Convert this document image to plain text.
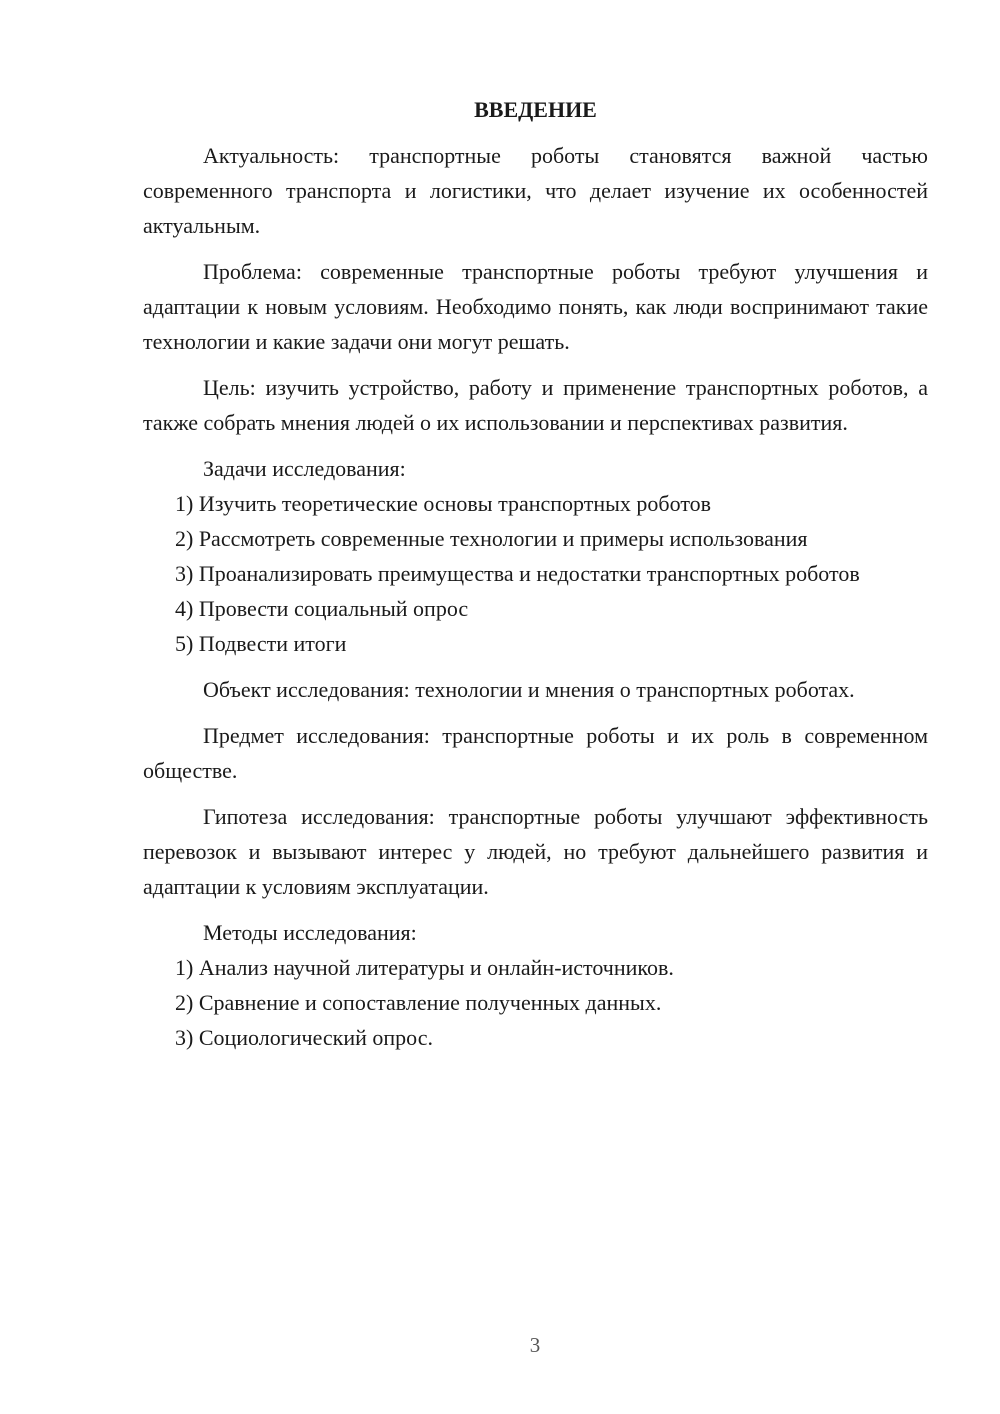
ВВЕДЕНИЕ

Актуальность: транспортные роботы становятся важной частью современного транспорта и логистики, что делает изучение их особенностей актуальным.

Проблема: современные транспортные роботы требуют улучшения и адаптации к новым условиям. Необходимо понять, как люди воспринимают такие технологии и какие задачи они могут решать.

Цель: изучить устройство, работу и применение транспортных роботов, а также собрать мнения людей о их использовании и перспективах развития.

Задачи исследования:

1) Изучить теоретические основы транспортных роботов

2) Рассмотреть современные технологии и примеры использования

3) Проанализировать преимущества и недостатки транспортных роботов

4) Провести социальный опрос

5) Подвести итоги

Объект исследования: технологии и мнения о транспортных роботах.

Предмет исследования: транспортные роботы и их роль в современном обществе.

Гипотеза исследования: транспортные роботы улучшают эффективность перевозок и вызывают интерес у людей, но требуют дальнейшего развития и адаптации к условиям эксплуатации.

Методы исследования:

1) Анализ научной литературы и онлайн-источников.

2) Сравнение и сопоставление полученных данных.

3) Социологический опрос.

3
